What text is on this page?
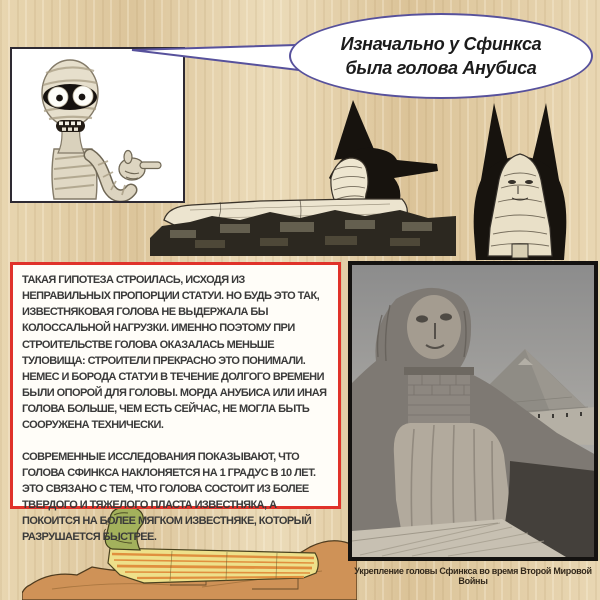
Изначально у Сфинкса
была голова Анубиса
ТАКАЯ ГИПОТЕЗА СТРОИЛАСЬ, ИСХОДЯ ИЗ НЕПРАВИЛЬНЫХ ПРОПОРЦИИ СТАТУИ. НО БУДЬ ЭТО ТАК, ИЗВЕСТНЯКОВАЯ ГОЛОВА НЕ ВЫДЕРЖАЛА БЫ КОЛОССАЛЬНОЙ НАГРУЗКИ. ИМЕННО ПОЭТОМУ ПРИ СТРОИТЕЛЬСТВЕ ГОЛОВА ОКАЗАЛАСЬ МЕНЬШЕ ТУЛОВИЩА: СТРОИТЕЛИ ПРЕКРАСНО ЭТО ПОНИМАЛИ.
НЕМЕС И БОРОДА СТАТУИ В ТЕЧЕНИЕ ДОЛГОГО ВРЕМЕНИ БЫЛИ ОПОРОЙ ДЛЯ ГОЛОВЫ. МОРДА АНУБИСА ИЛИ ИНАЯ ГОЛОВА БОЛЬШЕ, ЧЕМ ЕСТЬ СЕЙЧАС, НЕ МОГЛА БЫТЬ СООРУЖЕНА ТЕХНИЧЕСКИ.
СОВРЕМЕННЫЕ ИССЛЕДОВАНИЯ ПОКАЗЫВАЮТ, ЧТО ГОЛОВА СФИНКСА НАКЛОНЯЕТСЯ НА 1 ГРАДУС В 10 ЛЕТ. ЭТО СВЯЗАНО С ТЕМ, ЧТО ГОЛОВА СОСТОИТ ИЗ БОЛЕЕ ТВЕРДОГО И ТЯЖЕЛОГО ПЛАСТА ИЗВЕСТНЯКА, А ПОКОИТСЯ НА БОЛЕЕ МЯГКОМ ИЗВЕСТНЯКЕ, КОТОРЫЙ РАЗРУШАЕТСЯ БЫСТРЕЕ.
Укрепление головы Сфинкса во время Второй Мировой Войны
